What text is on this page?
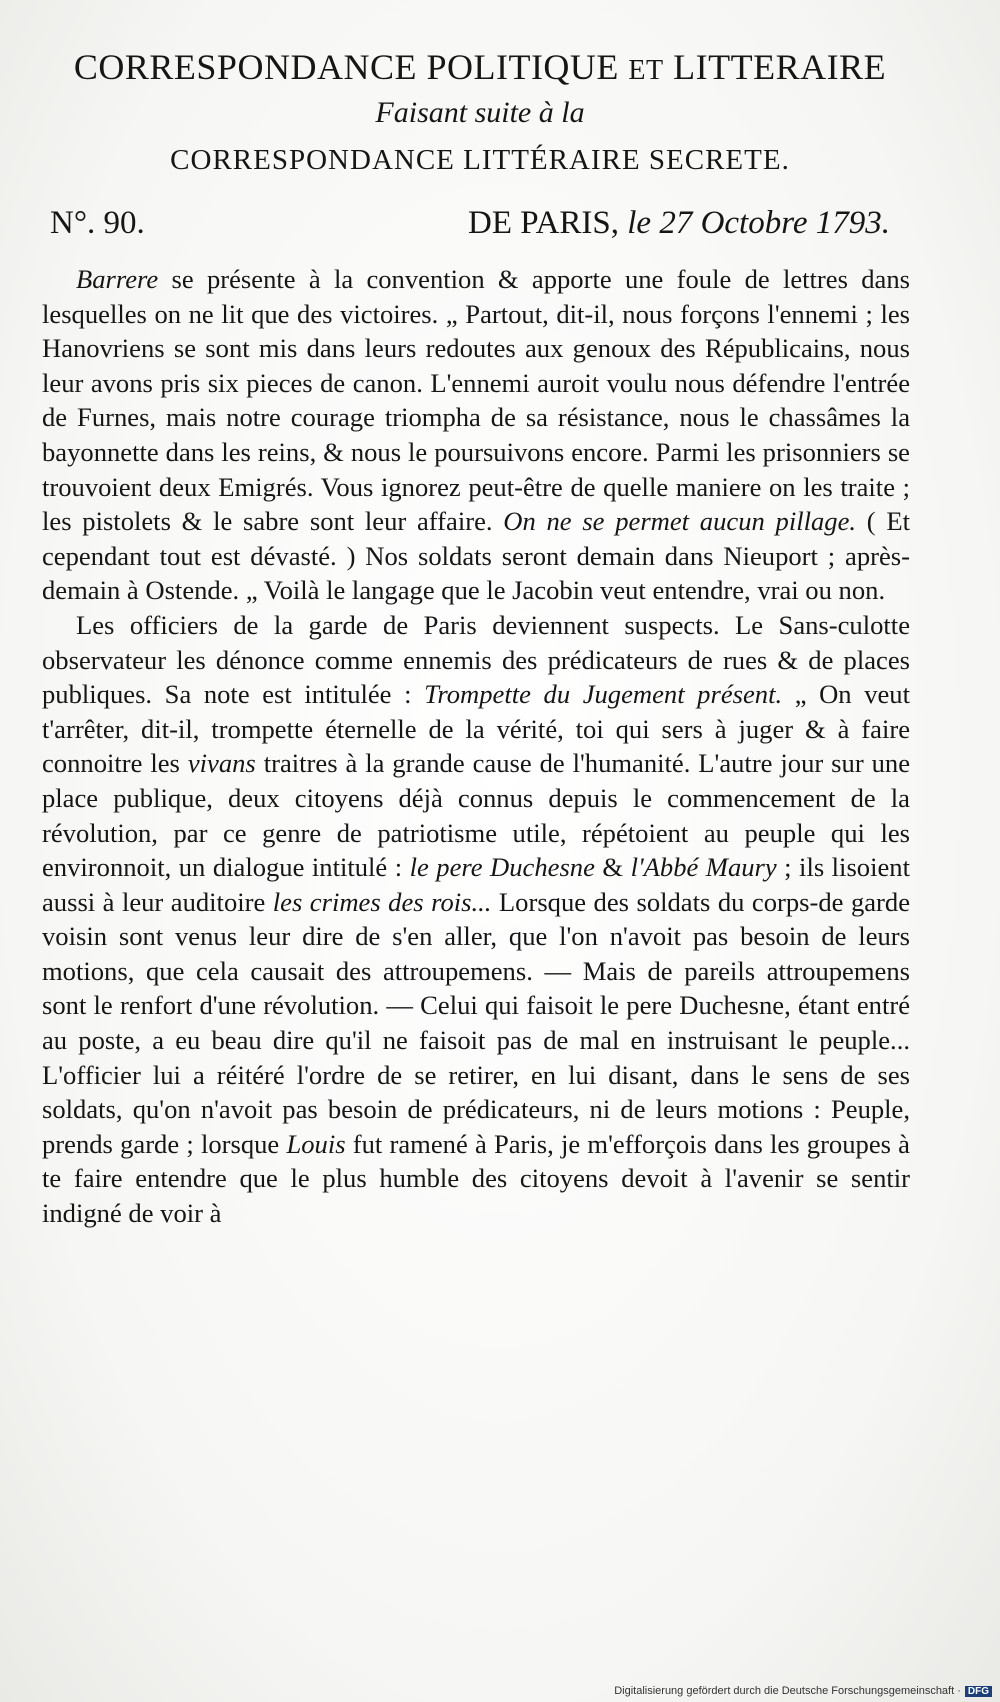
CORRESPONDANCE POLITIQUE ET LITTERAIRE
Faisant suite à la
CORRESPONDANCE LITTÉRAIRE SECRETE.
N°. 90.	DE PARIS, le 27 Octobre 1793.

Barrere se présente à la convention & apporte une foule de lettres dans lesquelles on ne lit que des victoires. „ Partout, dit-il, nous forçons l'ennemi ; les Hanovriens se sont mis dans leurs redoutes aux genoux des Républicains, nous leur avons pris six pieces de canon. L'ennemi auroit voulu nous défendre l'entrée de Furnes, mais notre courage triompha de sa résistance, nous le chassâmes la bayonnette dans les reins, & nous le poursuivons encore. Parmi les prisonniers se trouvoient deux Emigrés. Vous ignorez peut-être de quelle maniere on les traite ; les pistolets & le sabre sont leur affaire. On ne se permet aucun pillage. ( Et cependant tout est dévasté. ) Nos soldats seront demain dans Nieuport ; après-demain à Ostende. „ Voilà le langage que le Jacobin veut entendre, vrai ou non.

Les officiers de la garde de Paris deviennent suspects. Le Sans-culotte observateur les dénonce comme ennemis des prédicateurs de rues & de places publiques. Sa note est intitulée : Trompette du Jugement présent. „ On veut t'arrêter, dit-il, trompette éternelle de la vérité, toi qui sers à juger & à faire connoitre les vivans traitres à la grande cause de l'humanité. L'autre jour sur une place publique, deux citoyens déjà connus depuis le commencement de la révolution, par ce genre de patriotisme utile, répétoient au peuple qui les environnoit, un dialogue intitulé : le pere Duchesne & l'Abbé Maury ; ils lisoient aussi à leur auditoire les crimes des rois... Lorsque des soldats du corps-de garde voisin sont venus leur dire de s'en aller, que l'on n'avoit pas besoin de leurs motions, que cela causait des attroupemens. — Mais de pareils attroupemens sont le renfort d'une révolution. — Celui qui faisoit le pere Duchesne, étant entré au poste, a eu beau dire qu'il ne faisoit pas de mal en instruisant le peuple... L'officier lui a réitéré l'ordre de se retirer, en lui disant, dans le sens de ses soldats, qu'on n'avoit pas besoin de prédicateurs, ni de leurs motions : Peuple, prends garde ; lorsque Louis fut ramené à Paris, je m'efforçois dans les groupes à te faire entendre que le plus humble des citoyens devoit à l'avenir se sentir indigné de voir à

Digitalisierung gefördert durch die Deutsche Forschungsgemeinschaft · DFG
